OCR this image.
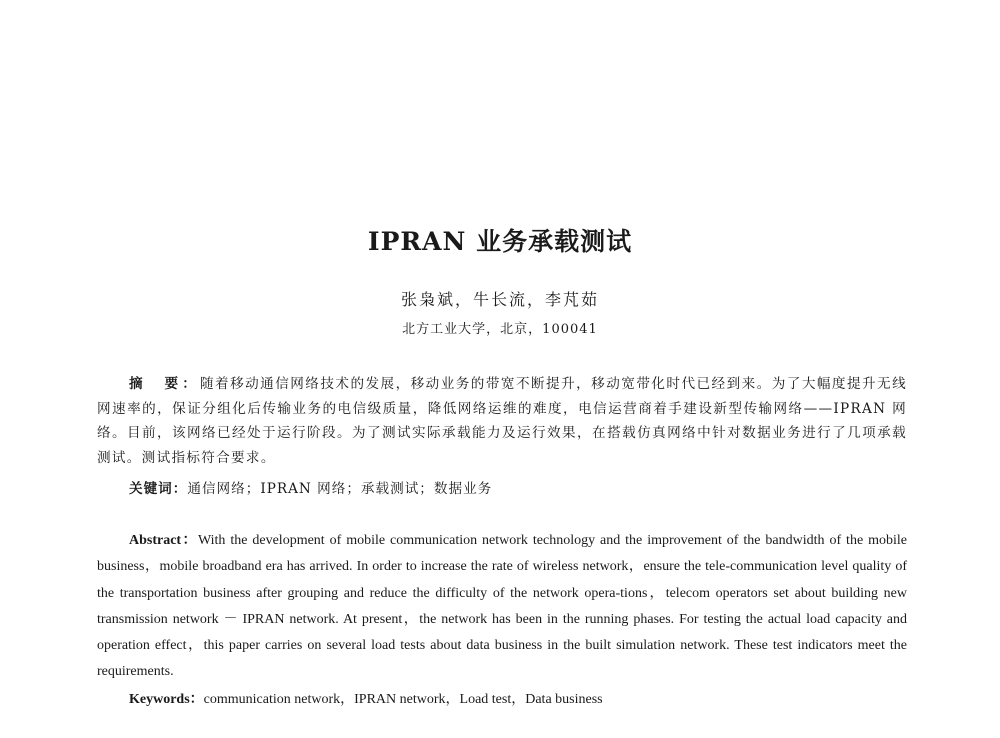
IPRAN 业务承载测试
张枭斌，牛长流，李芃茹
北方工业大学，北京，100041

摘　要：随着移动通信网络技术的发展，移动业务的带宽不断提升，移动宽带化时代已经到来。为了大幅度提升无线网速率的，保证分组化后传输业务的电信级质量，降低网络运维的难度，电信运营商着手建设新型传输网络——IPRAN 网络。目前，该网络已经处于运行阶段。为了测试实际承载能力及运行效果，在搭载仿真网络中针对数据业务进行了几项承载测试。测试指标符合要求。

关键词：通信网络；IPRAN 网络；承载测试；数据业务

Abstract：With the development of mobile communication network technology and the improvement of the bandwidth of the mobile business，mobile broadband era has arrived. In order to increase the rate of wireless network，ensure the tele-communication level quality of the transportation business after grouping and reduce the difficulty of the network opera-tions，telecom operators set about building new transmission network － IPRAN network. At present，the network has been in the running phases. For testing the actual load capacity and operation effect，this paper carries on several load tests about data business in the built simulation network. These test indicators meet the requirements.

Keywords：communication network，IPRAN network，Load test，Data business
